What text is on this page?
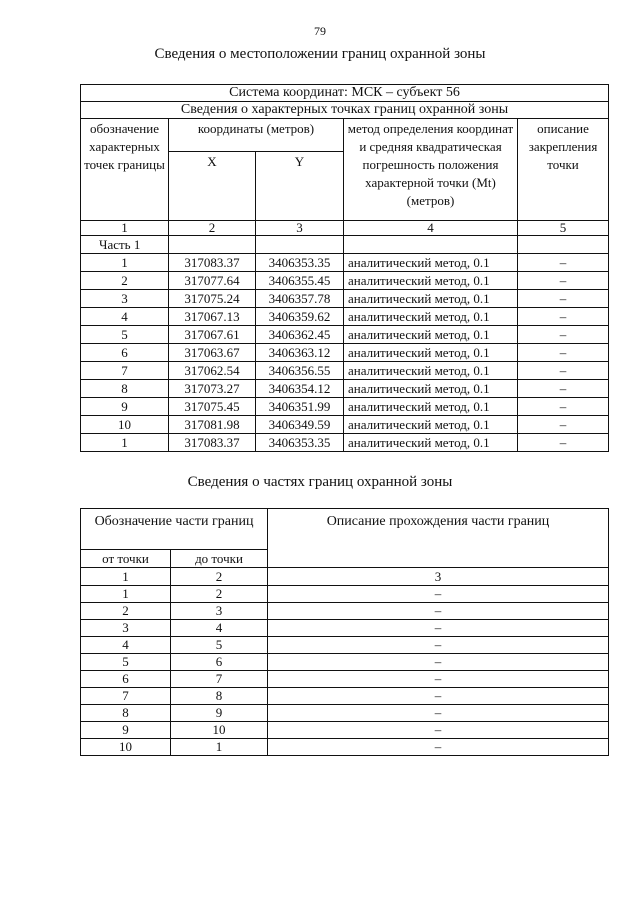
79
Сведения о местоположении границ охранной зоны
Система координат: МСК – субъект 56				
Сведения о характерных точках границ охранной зоны				
обозначение характерных точек границы	координаты (метров)		метод определения координат и средняя квадратическая погрешность положения характерной точки (Mt) (метров)	описание закрепления точки
	X	Y		
1	2	3	4	5
Часть 1				
1	317083.37	3406353.35	аналитический метод, 0.1	–
2	317077.64	3406355.45	аналитический метод, 0.1	–
3	317075.24	3406357.78	аналитический метод, 0.1	–
4	317067.13	3406359.62	аналитический метод, 0.1	–
5	317067.61	3406362.45	аналитический метод, 0.1	–
6	317063.67	3406363.12	аналитический метод, 0.1	–
7	317062.54	3406356.55	аналитический метод, 0.1	–
8	317073.27	3406354.12	аналитический метод, 0.1	–
9	317075.45	3406351.99	аналитический метод, 0.1	–
10	317081.98	3406349.59	аналитический метод, 0.1	–
1	317083.37	3406353.35	аналитический метод, 0.1	–
Сведения о частях границ охранной зоны
Обозначение части границ		Описание прохождения части границ
от точки	до точки	
1	2	3
1	2	–
2	3	–
3	4	–
4	5	–
5	6	–
6	7	–
7	8	–
8	9	–
9	10	–
10	1	–
